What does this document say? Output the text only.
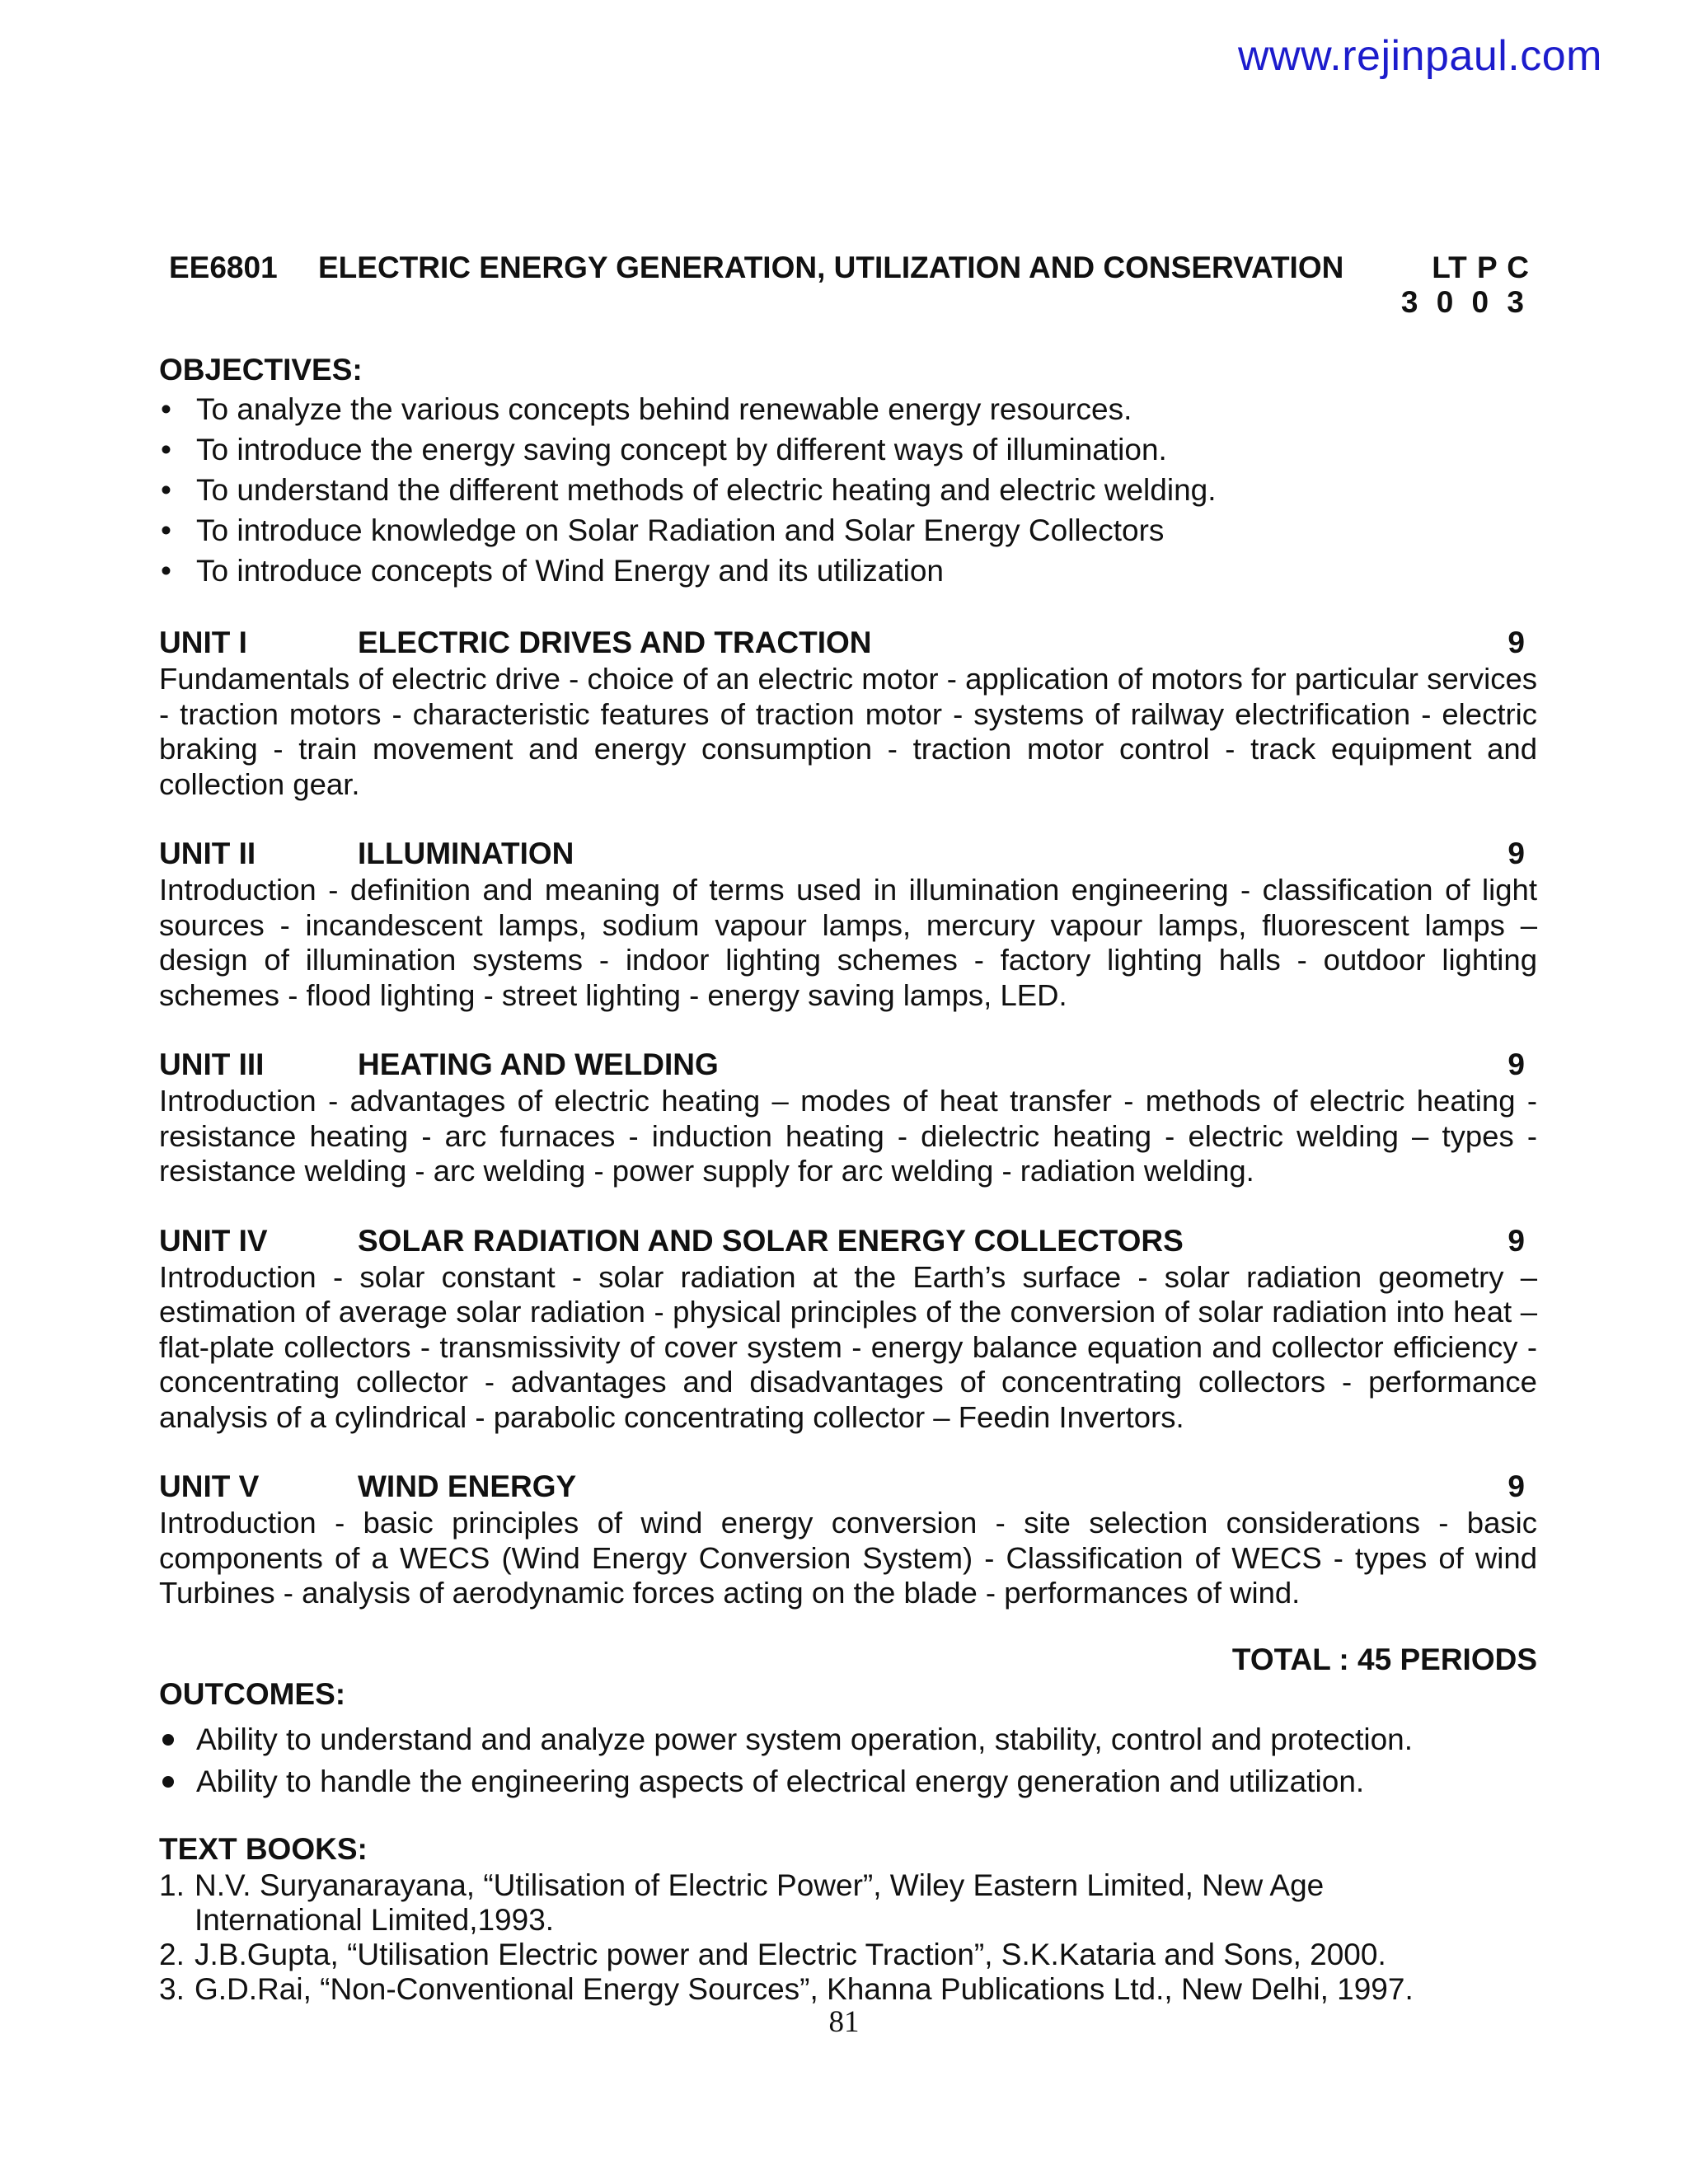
www.rejinpaul.com
EE6801 ELECTRIC ENERGY GENERATION, UTILIZATION AND CONSERVATION	LT P C
3 0 0 3
OBJECTIVES:
• To analyze the various concepts behind renewable energy resources.
• To introduce the energy saving concept by different ways of illumination.
• To understand the different methods of electric heating and electric welding.
• To introduce knowledge on Solar Radiation and Solar Energy Collectors
• To introduce concepts of Wind Energy and its utilization
UNIT I	ELECTRIC DRIVES AND TRACTION	9
Fundamentals of electric drive - choice of an electric motor - application of motors for particular services - traction motors - characteristic features of traction motor - systems of railway electrification - electric braking - train movement and energy consumption - traction motor control - track equipment and collection gear.
UNIT II	ILLUMINATION	9
Introduction - definition and meaning of terms used in illumination engineering - classification of light sources - incandescent lamps, sodium vapour lamps, mercury vapour lamps, fluorescent lamps – design of illumination systems - indoor lighting schemes - factory lighting halls - outdoor lighting schemes - flood lighting - street lighting - energy saving lamps, LED.
UNIT III	HEATING AND WELDING	9
Introduction - advantages of electric heating – modes of heat transfer - methods of electric heating - resistance heating - arc furnaces - induction heating - dielectric heating - electric welding – types - resistance welding - arc welding - power supply for arc welding - radiation welding.
UNIT IV	SOLAR RADIATION AND SOLAR ENERGY COLLECTORS	9
Introduction - solar constant - solar radiation at the Earth’s surface - solar radiation geometry – estimation of average solar radiation - physical principles of the conversion of solar radiation into heat – flat-plate collectors - transmissivity of cover system - energy balance equation and collector efficiency - concentrating collector - advantages and disadvantages of concentrating collectors - performance analysis of a cylindrical - parabolic concentrating collector – Feedin Invertors.
UNIT V	WIND ENERGY	9
Introduction - basic principles of wind energy conversion - site selection considerations - basic components of a WECS (Wind Energy Conversion System) - Classification of WECS - types of wind Turbines - analysis of aerodynamic forces acting on the blade - performances of wind.
TOTAL : 45 PERIODS
OUTCOMES:
Ability to understand and analyze power system operation, stability, control and protection.
Ability to handle the engineering aspects of electrical energy generation and utilization.
TEXT BOOKS:
1. N.V. Suryanarayana, “Utilisation of Electric Power”, Wiley Eastern Limited, New Age International Limited,1993.
2. J.B.Gupta, “Utilisation Electric power and Electric Traction”, S.K.Kataria and Sons, 2000.
3. G.D.Rai, “Non-Conventional Energy Sources”, Khanna Publications Ltd., New Delhi, 1997.
81
